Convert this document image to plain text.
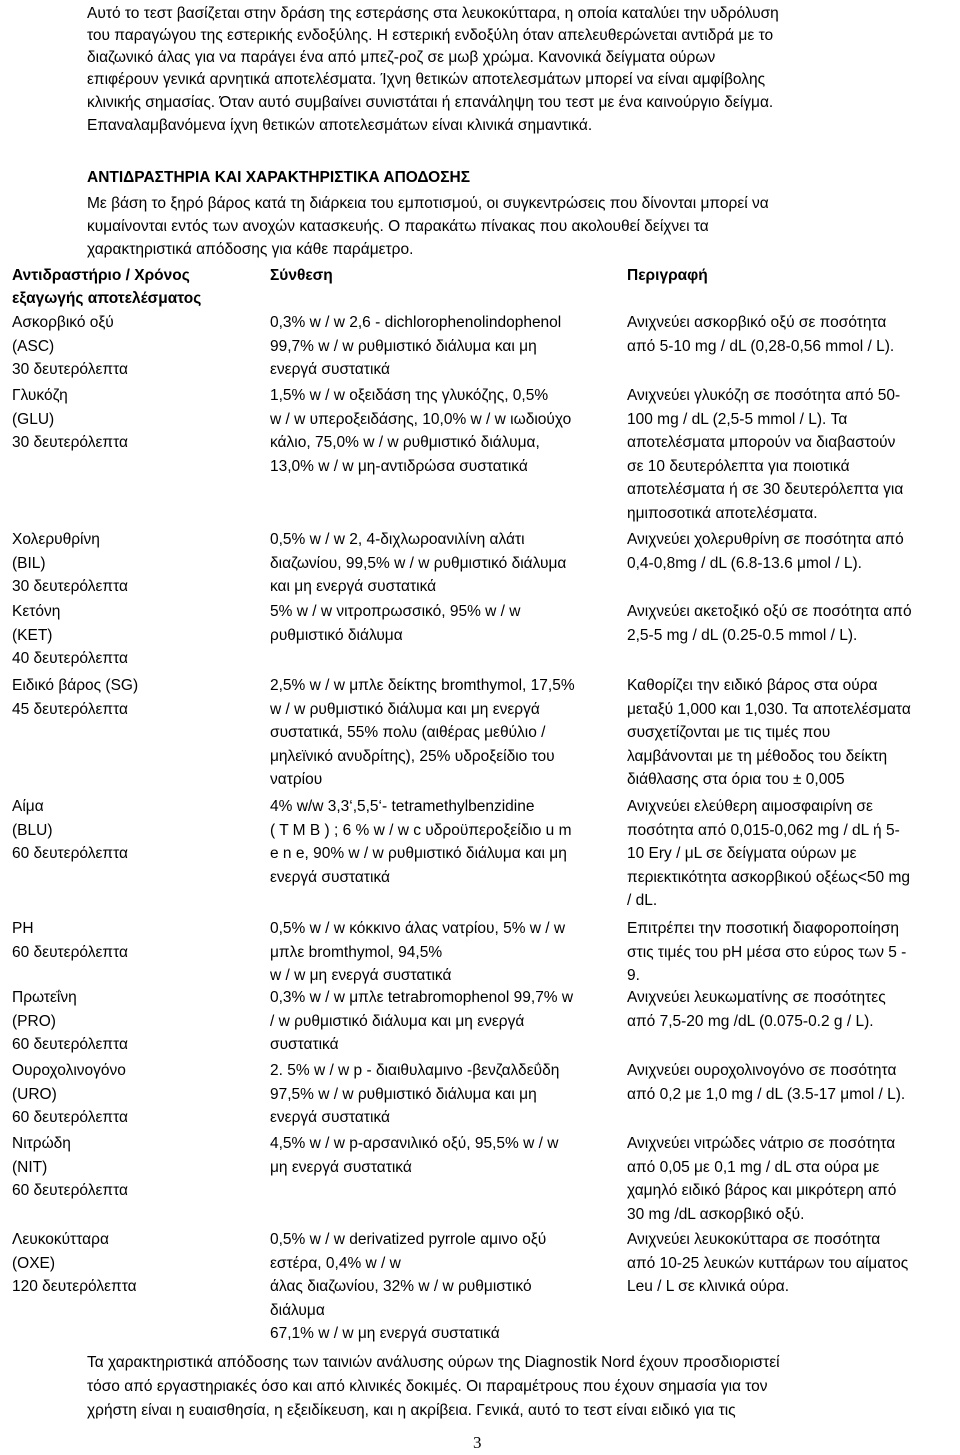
Αυτό το τεστ βασίζεται στην δράση της εστεράσης στα λευκοκύτταρα, η οποία καταλύει την υδρόλυση
του παραγώγου της εστερικής ενδοξύλης. Η εστερική ενδοξύλη όταν απελευθερώνεται αντιδρά με το
διαζωνικό άλας για να παράγει ένα από μπεζ-ροζ σε μωβ χρώμα. Κανονικά δείγματα ούρων
επιφέρουν γενικά αρνητικά αποτελέσματα. Ίχνη θετικών αποτελεσμάτων μπορεί να είναι αμφίβολης
κλινικής σημασίας. Όταν αυτό συμβαίνει συνιστάται ή επανάληψη του τεστ με ένα καινούργιο δείγμα.
Επαναλαμβανόμενα ίχνη θετικών αποτελεσμάτων είναι κλινικά σημαντικά.
ΑΝΤΙΔΡΑΣΤΗΡΙΑ ΚΑΙ ΧΑΡΑΚΤΗΡΙΣΤΙΚΑ ΑΠΟΔΟΣΗΣ
Με βάση το ξηρό βάρος κατά τη διάρκεια του εμποτισμού, οι συγκεντρώσεις που δίνονται μπορεί να
κυμαίνονται εντός των ανοχών κατασκευής. Ο παρακάτω πίνακας που ακολουθεί δείχνει τα
χαρακτηριστικά απόδοσης για κάθε παράμετρο.
Αντιδραστήριο / Χρόνος
εξαγωγής αποτελέσματος
Σύνθεση	Περιγραφή
Ασκορβικό οξύ
(ASC)
30 δευτερόλεπτα
0,3% w / w 2,6 - dichlorophenolindophenol
99,7% w / w ρυθμιστικό διάλυμα και μη
ενεργά συστατικά
Ανιχνεύει ασκορβικό οξύ σε ποσότητα
από 5-10 mg / dL (0,28-0,56 mmol / L).
Γλυκόζη
(GLU)
30 δευτερόλεπτα
1,5% w / w οξειδάση της γλυκόζης, 0,5%
w / w υπεροξειδάσης, 10,0% w / w ιωδιούχο
κάλιο, 75,0% w / w ρυθμιστικό διάλυμα,
13,0% w / w μη-αντιδρώσα συστατικά
Ανιχνεύει γλυκόζη σε ποσότητα από 50-
100 mg / dL (2,5-5 mmol / L). Τα
αποτελέσματα μπορούν να διαβαστούν
σε 10 δευτερόλεπτα για ποιοτικά
αποτελέσματα ή σε 30 δευτερόλεπτα για
ημιποσοτικά αποτελέσματα.
Χολερυθρίνη
(BIL)
30 δευτερόλεπτα
0,5% w / w 2, 4-διχλωροανιλίνη αλάτι
διαζωνίου, 99,5% w / w ρυθμιστικό διάλυμα
και μη ενεργά συστατικά
Ανιχνεύει χολερυθρίνη σε ποσότητα από
0,4-0,8mg / dL (6.8-13.6 μmol / L).
Κετόνη
(KET)
40 δευτερόλεπτα
5% w / w νιτροπρωσσικό, 95% w / w
ρυθμιστικό διάλυμα
Ανιχνεύει ακετοξικό οξύ σε ποσότητα από
2,5-5 mg / dL (0.25-0.5 mmol / L).
Ειδικό βάρος (SG)
45 δευτερόλεπτα
2,5% w / w μπλε δείκτης bromthymol, 17,5%
w / w ρυθμιστικό διάλυμα και μη ενεργά
συστατικά, 55% πολυ (αιθέρας μεθύλιο /
μηλεϊνικό ανυδρίτης), 25% υδροξείδιο του
νατρίου
Καθορίζει την ειδικό βάρος στα ούρα
μεταξύ 1,000 και 1,030. Τα αποτελέσματα
συσχετίζονται με τις τιμές που
λαμβάνονται με τη μέθοδος του δείκτη
διάθλασης στα όρια του ± 0,005
Αίμα
(BLU)
60 δευτερόλεπτα
4% w/w 3,3‘,5,5‘- tetramethylbenzidine
( T M B ) ; 6 % w / w c υδροϋπεροξείδιο u m
e n e, 90% w / w ρυθμιστικό διάλυμα και μη
ενεργά συστατικά
Ανιχνεύει ελεύθερη αιμοσφαιρίνη σε
ποσότητα από 0,015-0,062 mg / dL ή 5-
10 Ery / μL σε δείγματα ούρων με
περιεκτικότητα ασκορβικού οξέως<50 mg
/ dL.
PH
60 δευτερόλεπτα
0,5% w / w κόκκινο άλας νατρίου, 5% w / w
μπλε bromthymol, 94,5%
w / w μη ενεργά συστατικά
Επιτρέπει την ποσοτική διαφοροποίηση
στις τιμές του pH μέσα στο εύρος των 5 -
9.
Πρωτεΐνη
(PRO)
60 δευτερόλεπτα
0,3% w / w μπλε tetrabromophenol 99,7% w
/ w ρυθμιστικό διάλυμα και μη ενεργά
συστατικά
Ανιχνεύει λευκωματίνης σε ποσότητες
από 7,5-20 mg /dL (0.075-0.2 g / L).
Ουροχολινογόνο
(URO)
60 δευτερόλεπτα
2. 5% w / w p - διαιθυλαμινο -βενζαλδεΰδη
97,5% w / w ρυθμιστικό διάλυμα και μη
ενεργά συστατικά
Ανιχνεύει ουροχολινογόνο σε ποσότητα
από 0,2 με 1,0 mg / dL (3.5-17 μmol / L).
Νιτρώδη
(NIT)
60 δευτερόλεπτα
4,5% w / w p-αρσανιλικό οξύ, 95,5% w / w
μη ενεργά συστατικά
Ανιχνεύει νιτρώδες νάτριο σε ποσότητα
από 0,05 με 0,1 mg / dL στα ούρα με
χαμηλό ειδικό βάρος και μικρότερη από
30 mg /dL ασκορβικό οξύ.
Λευκοκύτταρα
(OXE)
120 δευτερόλεπτα
0,5% w / w derivatized pyrrole αμινο οξύ
εστέρα, 0,4% w / w
άλας διαζωνίου, 32% w / w ρυθμιστικό
διάλυμα
67,1% w / w μη ενεργά συστατικά
Ανιχνεύει λευκοκύτταρα σε ποσότητα
από 10-25 λευκών κυττάρων του αίματος
Leu / L σε κλινικά ούρα.
Τα χαρακτηριστικά απόδοσης των ταινιών ανάλυσης ούρων της Diagnostik Nord έχουν προσδιοριστεί
τόσο από εργαστηριακές όσο και από κλινικές δοκιμές. Οι παραμέτρους που έχουν σημασία για τον
χρήστη είναι η ευαισθησία, η εξειδίκευση, και η ακρίβεια. Γενικά, αυτό το τεστ είναι ειδικό για τις
3
